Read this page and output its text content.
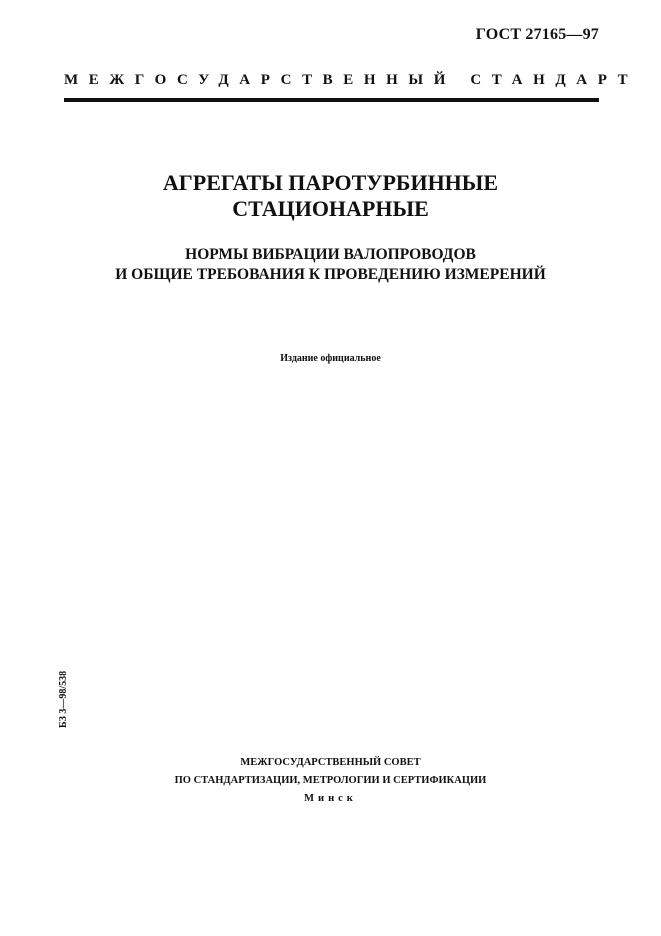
ГОСТ 27165—97
МЕЖГОСУДАРСТВЕННЫЙ СТАНДАРТ
АГРЕГАТЫ ПАРОТУРБИННЫЕ
СТАЦИОНАРНЫЕ
НОРМЫ ВИБРАЦИИ ВАЛОПРОВОДОВ
И ОБЩИЕ ТРЕБОВАНИЯ К ПРОВЕДЕНИЮ ИЗМЕРЕНИЙ
Издание официальное
БЗ 3—98/538
МЕЖГОСУДАРСТВЕННЫЙ СОВЕТ
ПО СТАНДАРТИЗАЦИИ, МЕТРОЛОГИИ И СЕРТИФИКАЦИИ
Минск
